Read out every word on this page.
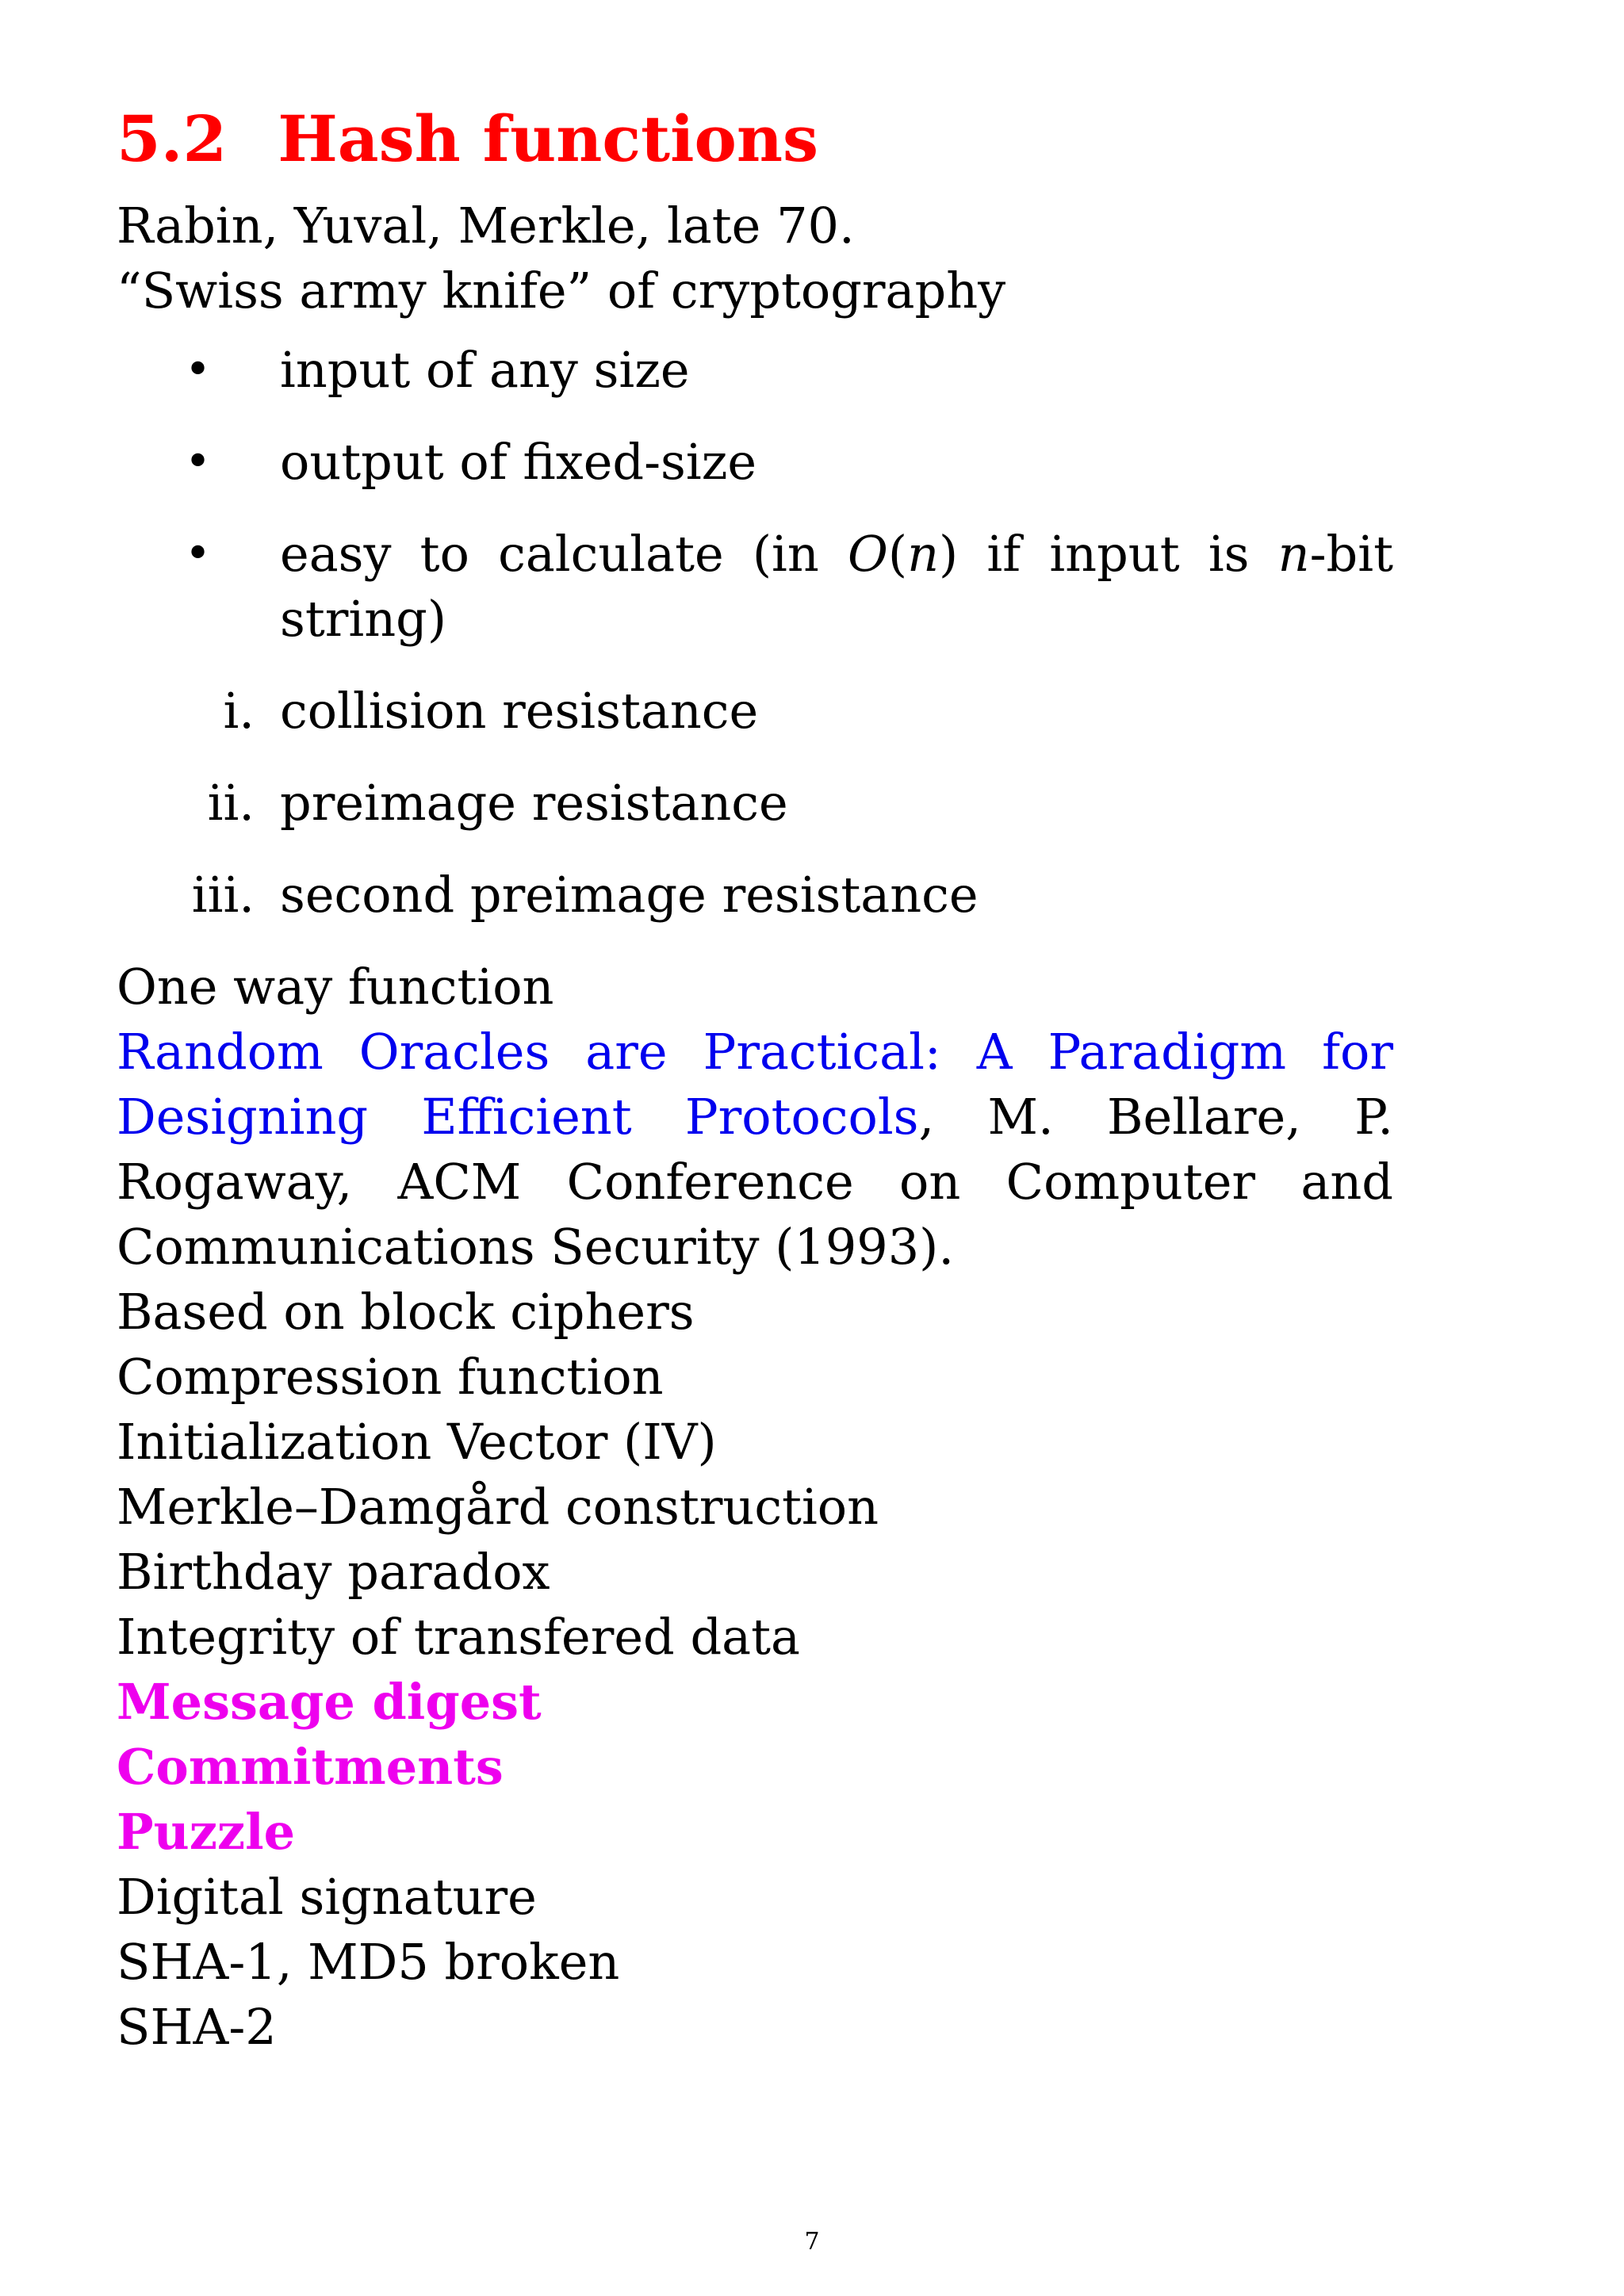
5.2 Hash functions

Rabin, Yuval, Merkle, late 70.

“Swiss army knife” of cryptography

• input of any size
• output of fixed-size
• easy to calculate (in O(n) if input is n-bit string)
i. collision resistance
ii. preimage resistance
iii. second preimage resistance

One way function

Random Oracles are Practical: A Paradigm for Designing Efficient Protocols, M. Bellare, P. Rogaway, ACM Conference on Computer and Communications Security (1993).

Based on block ciphers

Compression function

Initialization Vector (IV)

Merkle–Damgård construction

Birthday paradox

Integrity of transfered data

Message digest

Commitments

Puzzle

Digital signature

SHA-1, MD5 broken

SHA-2

7
